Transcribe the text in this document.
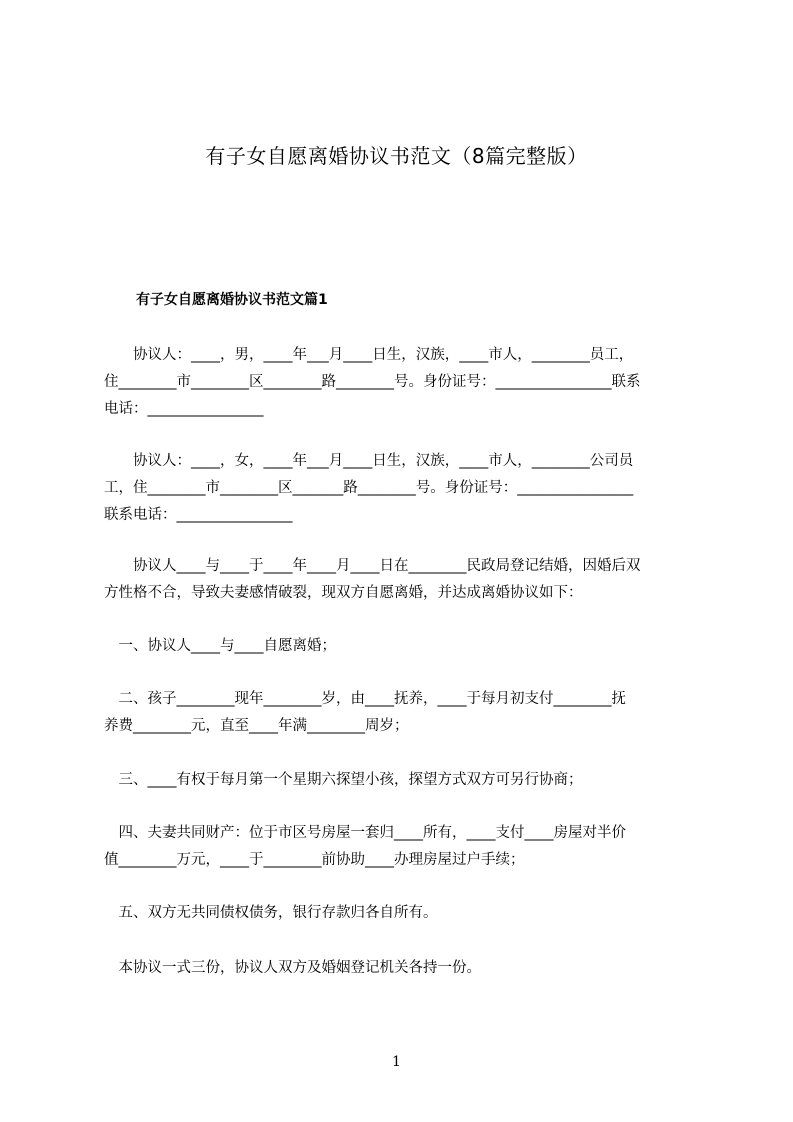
有子女自愿离婚协议书范文（8篇完整版）
有子女自愿离婚协议书范文篇1
　　协议人：____，男，____年___月____日生，汉族，____市人，________员工，
住________市________区________路________号。身份证号：________________联系
电话：________________
　　协议人：____，女，____年___月____日生，汉族，____市人，________公司员
工，住________市________区_______路________号。身份证号：________________
联系电话：________________
　　协议人____与____于____年____月____日在________民政局登记结婚，因婚后双
方性格不合，导致夫妻感情破裂，现双方自愿离婚，并达成离婚协议如下：
　一、协议人____与____自愿离婚；
　二、孩子________现年________岁，由____抚养，____于每月初支付________抚
养费________元，直至____年满________周岁；
　三、____有权于每月第一个星期六探望小孩，探望方式双方可另行协商；
　四、夫妻共同财产：位于市区号房屋一套归____所有，____支付____房屋对半价
值________万元，____于________前协助____办理房屋过户手续；
　五、双方无共同债权债务，银行存款归各自所有。
　本协议一式三份，协议人双方及婚姻登记机关各持一份。
1
